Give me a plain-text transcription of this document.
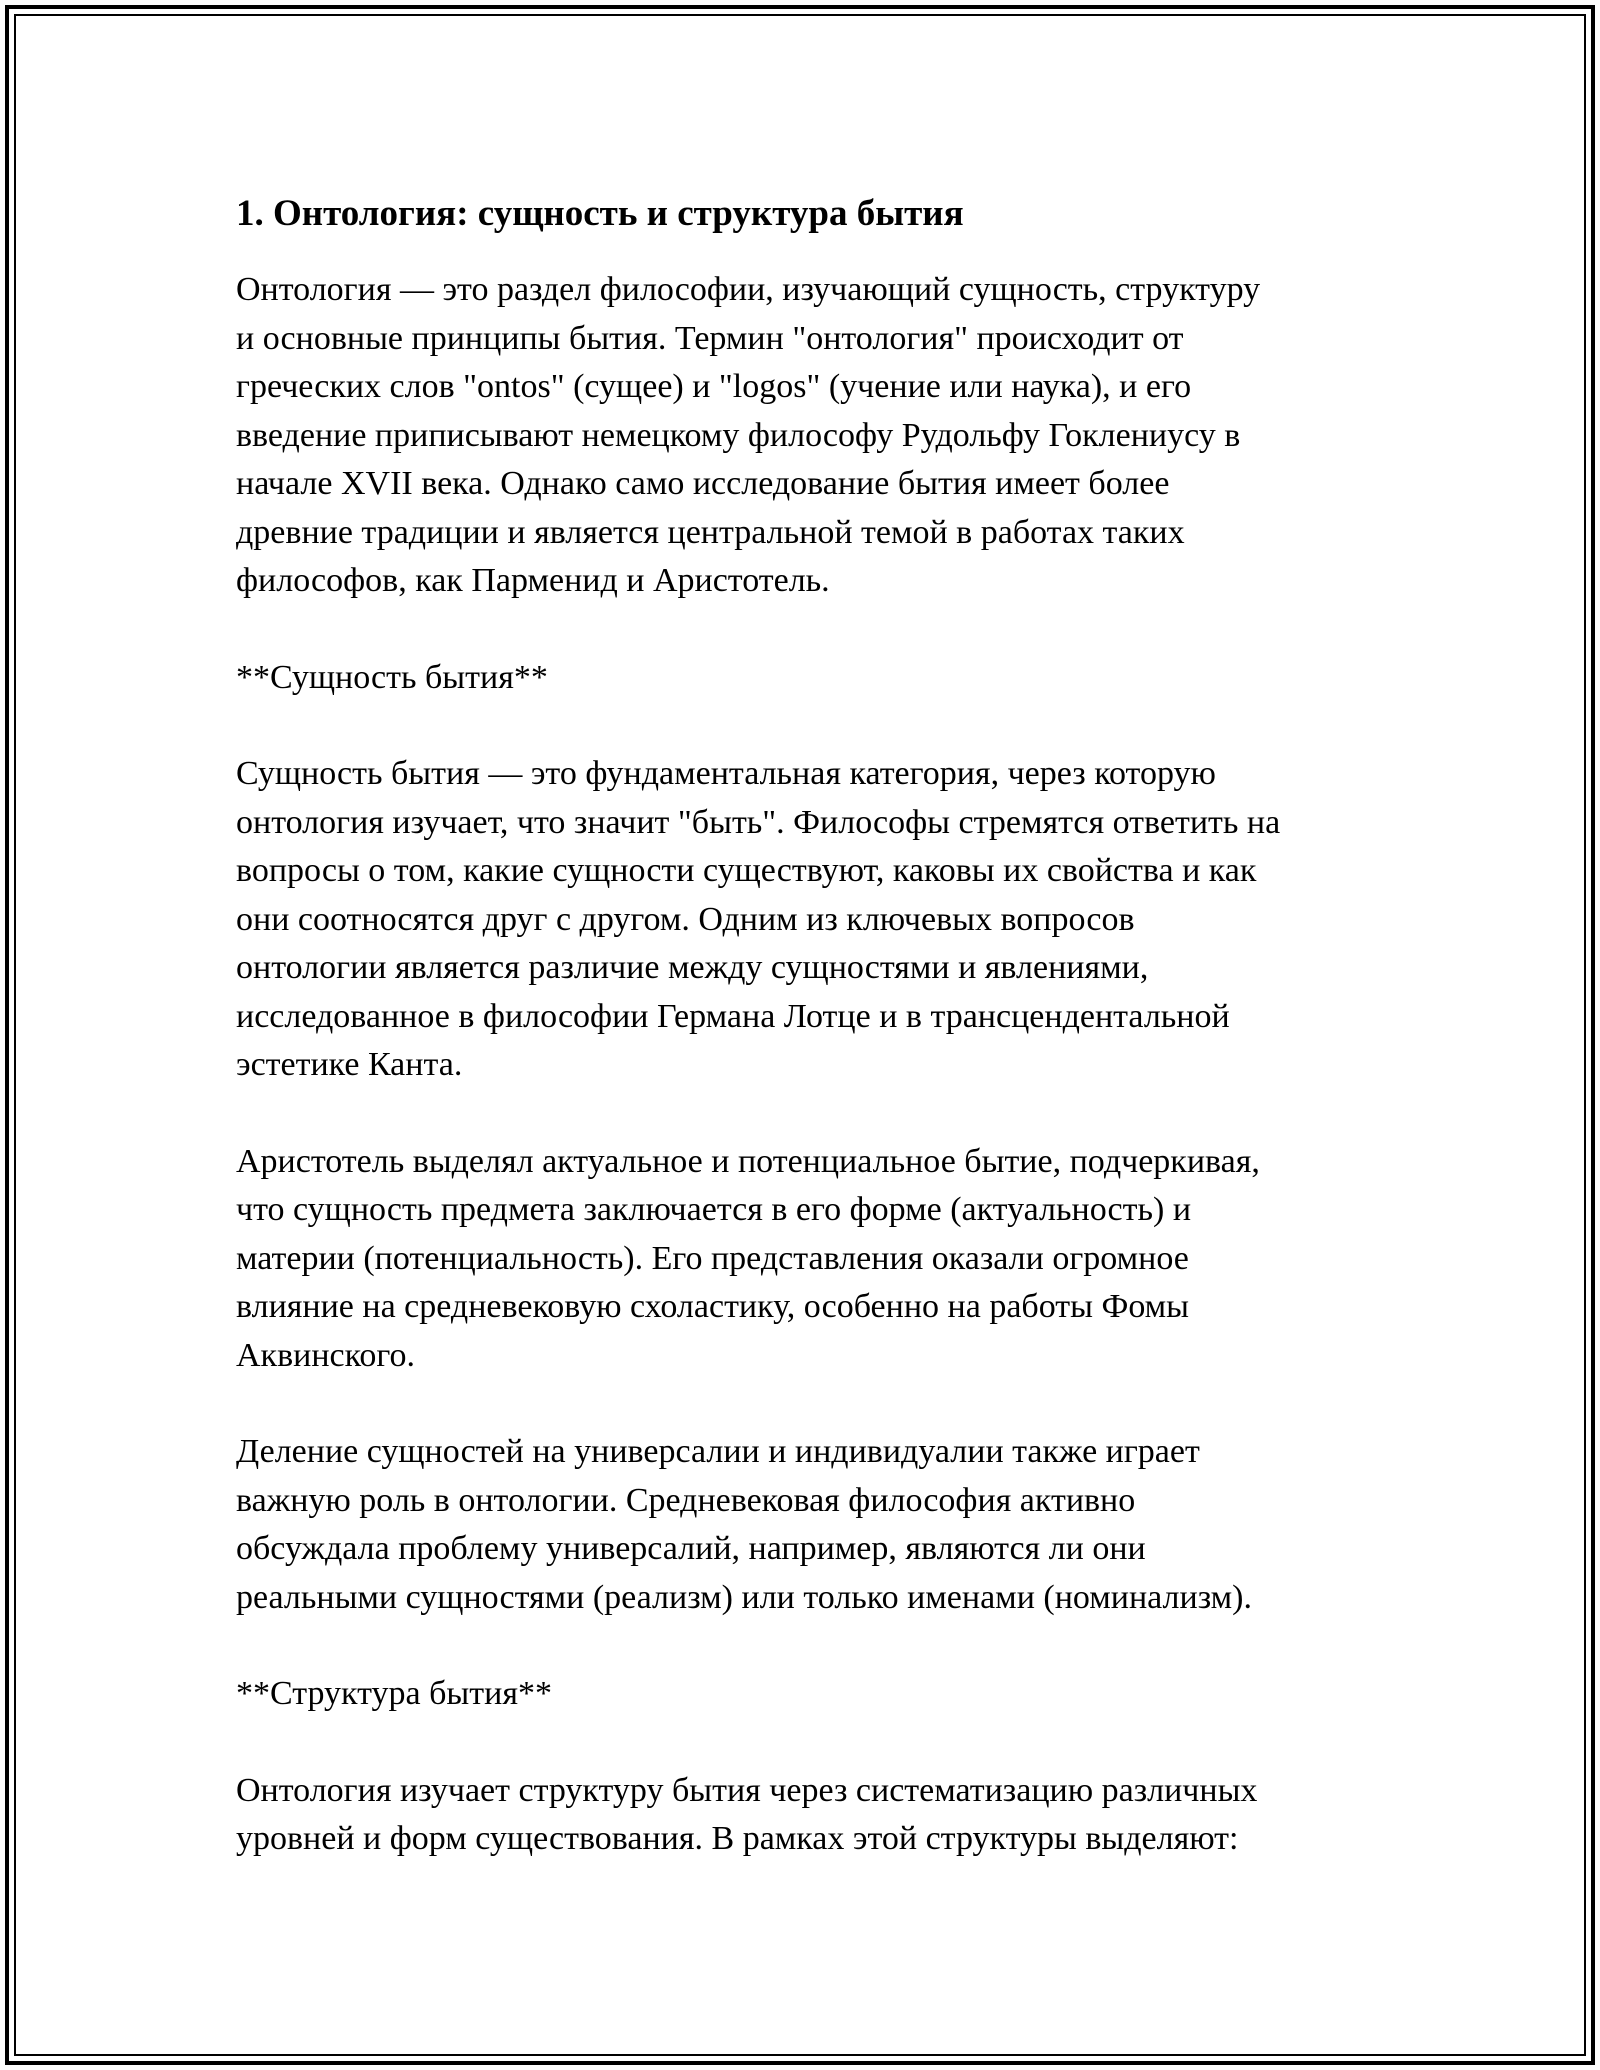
1. Онтология: сущность и структура бытия

Онтология — это раздел философии, изучающий сущность, структуру
и основные принципы бытия. Термин "онтология" происходит от
греческих слов "ontos" (сущее) и "logos" (учение или наука), и его
введение приписывают немецкому философу Рудольфу Гоклениусу в
начале XVII века. Однако само исследование бытия имеет более
древние традиции и является центральной темой в работах таких
философов, как Парменид и Аристотель.

**Сущность бытия**

Сущность бытия — это фундаментальная категория, через которую
онтология изучает, что значит "быть". Философы стремятся ответить на
вопросы о том, какие сущности существуют, каковы их свойства и как
они соотносятся друг с другом. Одним из ключевых вопросов
онтологии является различие между сущностями и явлениями,
исследованное в философии Германа Лотце и в трансцендентальной
эстетике Канта.

Аристотель выделял актуальное и потенциальное бытие, подчеркивая,
что сущность предмета заключается в его форме (актуальность) и
материи (потенциальность). Его представления оказали огромное
влияние на средневековую схоластику, особенно на работы Фомы
Аквинского.

Деление сущностей на универсалии и индивидуалии также играет
важную роль в онтологии. Средневековая философия активно
обсуждала проблему универсалий, например, являются ли они
реальными сущностями (реализм) или только именами (номинализм).

**Структура бытия**

Онтология изучает структуру бытия через систематизацию различных
уровней и форм существования. В рамках этой структуры выделяют:
